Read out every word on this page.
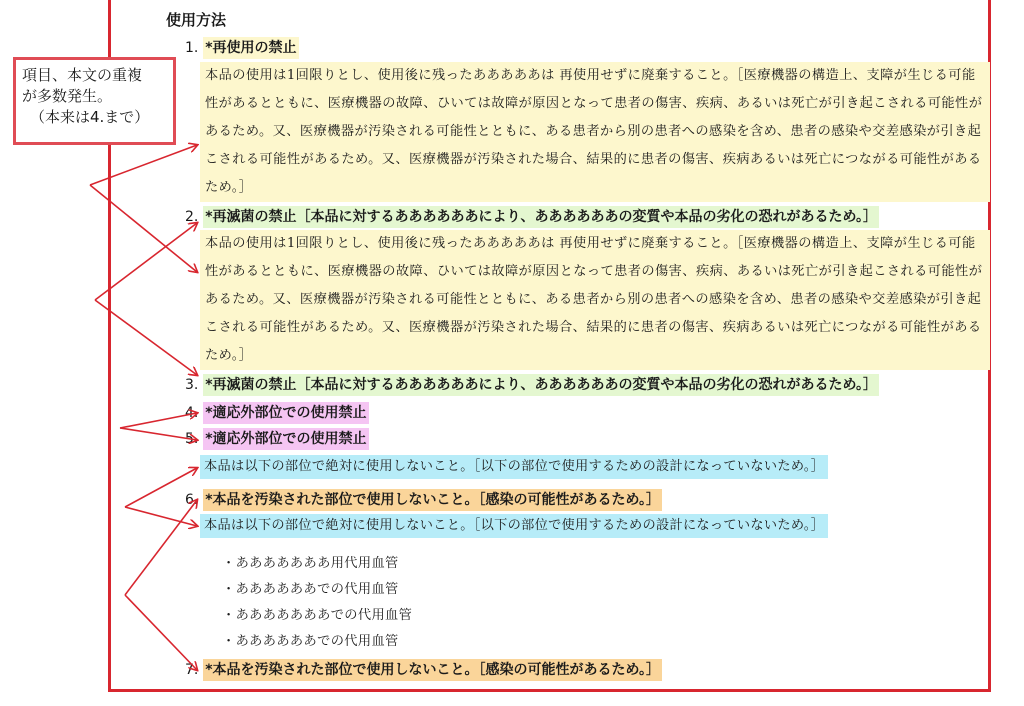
使用方法
1. *再使用の禁止
本品の使用は1回限りとし、使用後に残ったあああああは 再使用せずに廃棄すること。［医療機器の構造上、支障が生じる可能性があるとともに、医療機器の故障、ひいては故障が原因となって患者の傷害、疾病、あるいは死亡が引き起こされる可能性があるため。又、医療機器が汚染される可能性とともに、ある患者から別の患者への感染を含め、患者の感染や交差感染が引き起こされる可能性があるため。又、医療機器が汚染された場合、結果的に患者の傷害、疾病あるいは死亡につながる可能性があるため。］
2. *再滅菌の禁止［本品に対するああああああにより、ああああああの変質や本品の劣化の恐れがあるため。］
本品の使用は1回限りとし、使用後に残ったあああああは 再使用せずに廃棄すること。［医療機器の構造上、支障が生じる可能性があるとともに、医療機器の故障、ひいては故障が原因となって患者の傷害、疾病、あるいは死亡が引き起こされる可能性があるため。又、医療機器が汚染される可能性とともに、ある患者から別の患者への感染を含め、患者の感染や交差感染が引き起こされる可能性があるため。又、医療機器が汚染された場合、結果的に患者の傷害、疾病あるいは死亡につながる可能性があるため。］
3. *再滅菌の禁止［本品に対するああああああにより、ああああああの変質や本品の劣化の恐れがあるため。］
4. *適応外部位での使用禁止
5. *適応外部位での使用禁止
本品は以下の部位で絶対に使用しないこと。［以下の部位で使用するための設計になっていないため。］
6. *本品を汚染された部位で使用しないこと。［感染の可能性があるため。］
本品は以下の部位で絶対に使用しないこと。［以下の部位で使用するための設計になっていないため。］
・あああああああ用代用血管
・ああああああでの代用血管
・あああああああでの代用血管
・ああああああでの代用血管
7. *本品を汚染された部位で使用しないこと。［感染の可能性があるため。］
項目、本文の重複
が多数発生。
（本来は4.まで）
